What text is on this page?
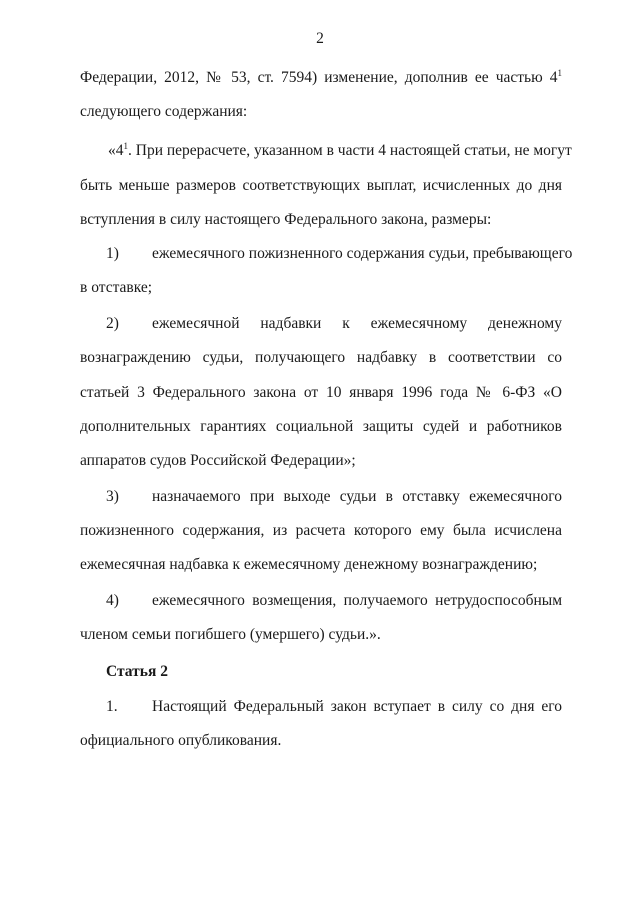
2
Федерации, 2012, № 53, ст. 7594) изменение, дополнив ее частью $4^1$
следующего содержания:
«$4^1$. При перерасчете, указанном в части 4 настоящей статьи, не могут
быть меньше размеров соответствующих выплат, исчисленных до дня
вступления в силу настоящего Федерального закона, размеры:
1) ежемесячного пожизненного содержания судьи, пребывающего
в отставке;
2) ежемесячной надбавки к ежемесячному денежному
вознаграждению судьи, получающего надбавку в соответствии со
статьей 3 Федерального закона от 10 января 1996 года № 6-ФЗ «О
дополнительных гарантиях социальной защиты судей и работников
аппаратов судов Российской Федерации»;
3) назначаемого при выходе судьи в отставку ежемесячного
пожизненного содержания, из расчета которого ему была исчислена
ежемесячная надбавка к ежемесячному денежному вознаграждению;
4) ежемесячного возмещения, получаемого нетрудоспособным
членом семьи погибшего (умершего) судьи.».
Статья 2
1. Настоящий Федеральный закон вступает в силу со дня его
официального опубликования.
